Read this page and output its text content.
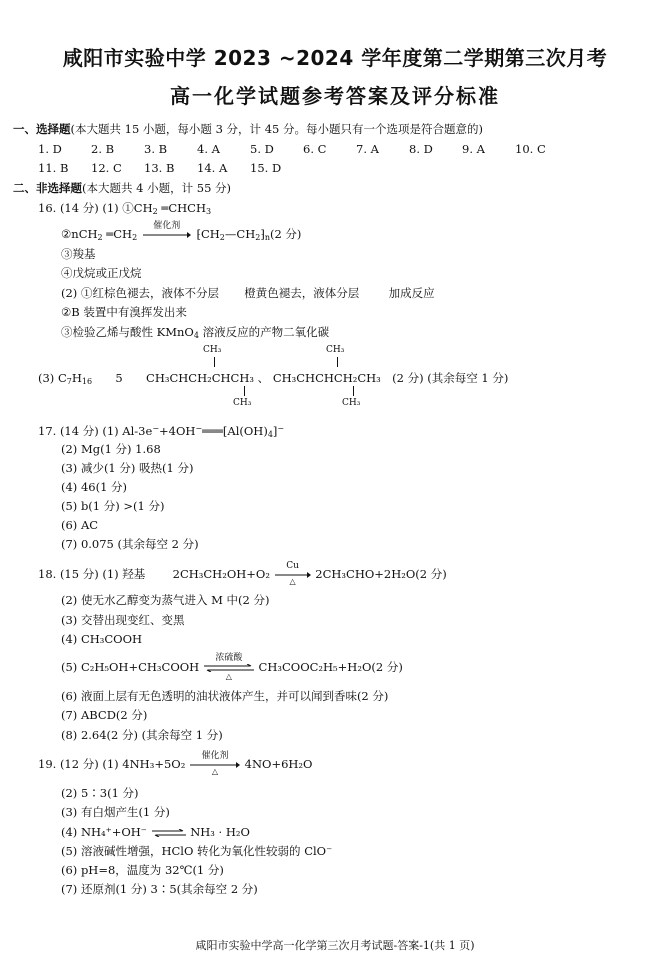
咸阳市实验中学 2023 ~2024 学年度第二学期第三次月考
高一化学试题参考答案及评分标准
一、选择题(本大题共 15 小题，每小题 3 分，计 45 分。每小题只有一个选项是符合题意的)
1. D	2. B	3. B	4. A	5. D	6. C	7. A	8. D	9. A	10. C
11. B 12. C 13. B 14. A 15. D
二、非选择题(本大题共 4 小题，计 55 分)
16. (14 分) (1) $①CH_2$ $═CHCH_3$
②nCH$_2$ $═CH_2$
催化剂
$⁅CH_2—CH_2⁆_n(2$ 分)
③羧基
④戊烷或正戊烷
(2) ①红棕色褪去，液体不分层 橙黄色褪去，液体分层	加成反应
②B 装置中有溴挥发出来
③检验乙烯与酸性 KMnO$_4$ 溶液反应的产物二氧化碳
CH₃	CH₃
(3) $C_7H_{16}$ 5 CH₃CHCH₂CHCH₃ 、 CH₃CHCHCH₂CH₃ (2 分) (其余每空 1 分)
CH₃	CH₃
17. (14 分) (1) $Al-3e^-+4OH^-═══[Al(OH)_4]^-$
(2) Mg(1 分) 1.68
(3) 减少(1 分) 吸热(1 分)
(4) 46(1 分)
(5) b(1 分) >(1 分)
(6) AC
(7) 0.075 (其余每空 2 分)
18. (15 分) (1) 羟基 2CH₃CH₂OH+O₂
Cu
△
2CH₃CHO+2H₂O(2 分)
(2) 使无水乙醇变为蒸气进入 M 中(2 分)
(3) 交替出现变红、变黑
(4) CH₃COOH
(5) C₂H₅OH+CH₃COOH
浓硫酸
△
CH₃COOC₂H₅+H₂O(2 分)
(6) 液面上层有无色透明的油状液体产生，并可以闻到香味(2 分)
(7) ABCD(2 分)
(8) 2.64(2 分) (其余每空 1 分)
19. (12 分) (1) 4NH₃+5O₂
催化剂
△
4NO+6H₂O
(2) 5∶3(1 分)
(3) 有白烟产生(1 分)
(4) NH₄⁺+OH⁻ ⇌ NH₃ · H₂O
(5) 溶液碱性增强，HClO 转化为氧化性较弱的 ClO⁻
(6) pH=8，温度为 32℃(1 分)
(7) 还原剂(1 分) 3∶5(其余每空 2 分)
咸阳市实验中学高一化学第三次月考试题-答案-1(共 1 页)
